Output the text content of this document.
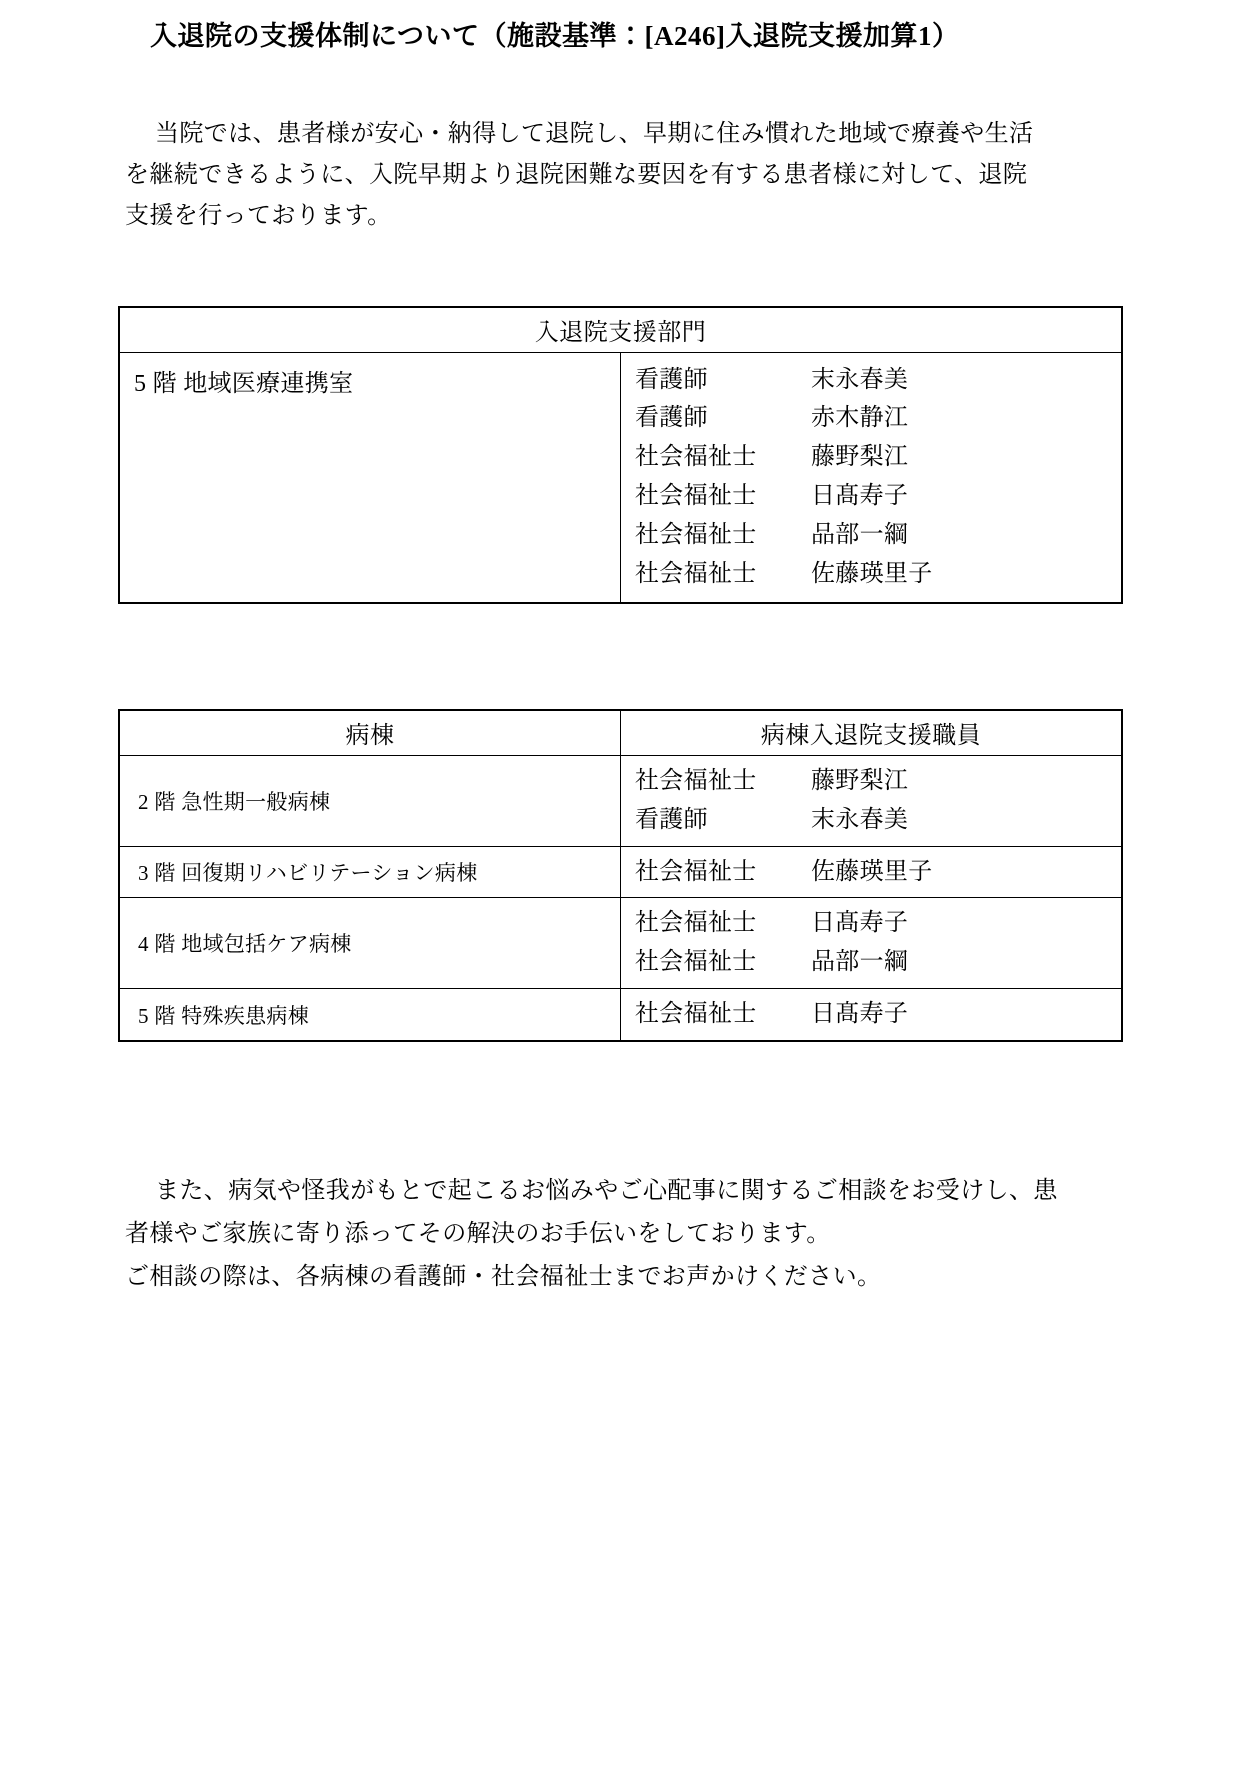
入退院の支援体制について（施設基準：[A246]入退院支援加算1）

当院では、患者様が安心・納得して退院し、早期に住み慣れた地域で療養や生活

を継続できるように、入院早期より退院困難な要因を有する患者様に対して、退院

支援を行っております。

入退院支援部門
5 階 地域医療連携室	看護師	末永春美
看護師	赤木静江
社会福祉士	藤野梨江
社会福祉士	日髙寿子
社会福祉士	品部一綱
社会福祉士	佐藤瑛里子
病棟	病棟入退院支援職員
2 階 急性期一般病棟	社会福祉士 藤野梨江
看護師 末永春美

3 階 回復期リハビリテーション病棟	社会福祉士 佐藤瑛里子

4 階 地域包括ケア病棟	社会福祉士 日髙寿子
社会福祉士 品部一綱

5 階 特殊疾患病棟	社会福祉士 日髙寿子

また、病気や怪我がもとで起こるお悩みやご心配事に関するご相談をお受けし、患

者様やご家族に寄り添ってその解決のお手伝いをしております。

ご相談の際は、各病棟の看護師・社会福祉士までお声かけください。
